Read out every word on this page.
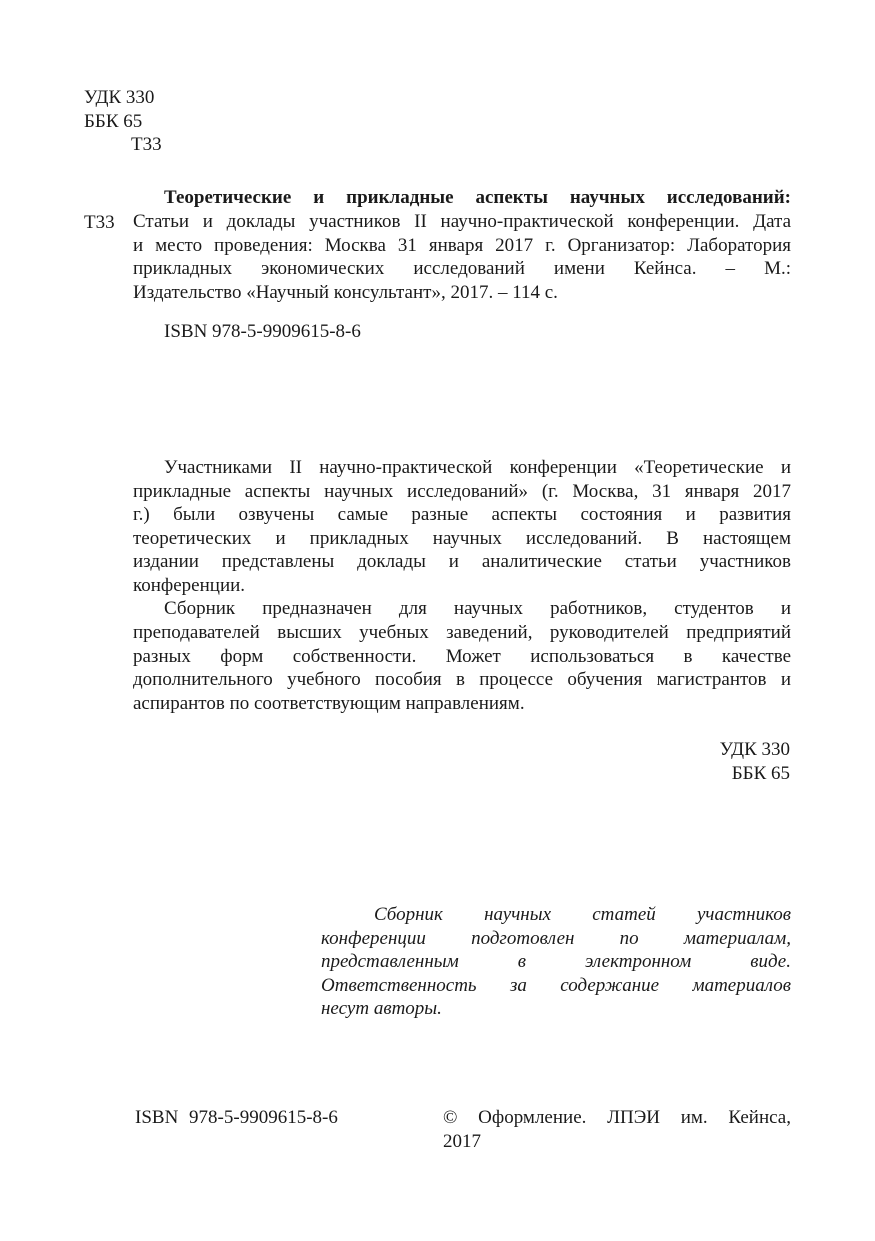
УДК 330
ББК 65
Т33
Т33
Теоретические и прикладные аспекты научных исследований:
Статьи и доклады участников II научно-практической конференции. Дата
и место проведения: Москва 31 января 2017 г. Организатор: Лаборатория
прикладных экономических исследований имени Кейнса. – М.:
Издательство «Научный консультант», 2017. – 114 с.
ISBN 978-5-9909615-8-6
Участниками II научно-практической конференции «Теоретические и
прикладные аспекты научных исследований» (г. Москва, 31 января 2017
г.) были озвучены самые разные аспекты состояния и развития
теоретических и прикладных научных исследований. В настоящем
издании представлены доклады и аналитические статьи участников
конференции.
Сборник предназначен для научных работников, студентов и
преподавателей высших учебных заведений, руководителей предприятий
разных форм собственности. Может использоваться в качестве
дополнительного учебного пособия в процессе обучения магистрантов и
аспирантов по соответствующим направлениям.
УДК 330
ББК 65
Сборник научных статей участников
конференции подготовлен по материалам,
представленным в электронном виде.
Ответственность за содержание материалов
несут авторы.
ISBN 978-5-9909615-8-6	© Оформление. ЛПЭИ им. Кейнса,
2017
